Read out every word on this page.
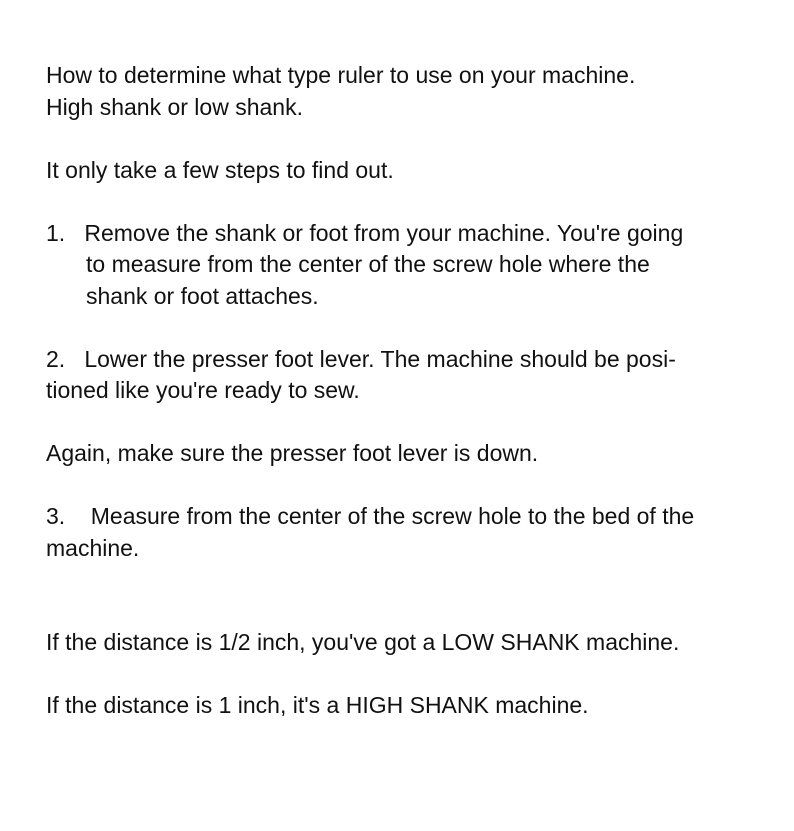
How to determine what type ruler to use on your machine.
High shank or low shank.
It only take a few steps to find out.
1.   Remove the shank or foot from your machine. You're going
to measure from the center of the screw hole where the
shank or foot attaches.
2.   Lower the presser foot lever. The machine should be posi-
tioned like you're ready to sew.
Again, make sure the presser foot lever is down.
3.    Measure from the center of the screw hole to the bed of the
machine.
If the distance is 1/2 inch, you've got a LOW SHANK machine.
If the distance is 1 inch, it's a HIGH SHANK machine.
